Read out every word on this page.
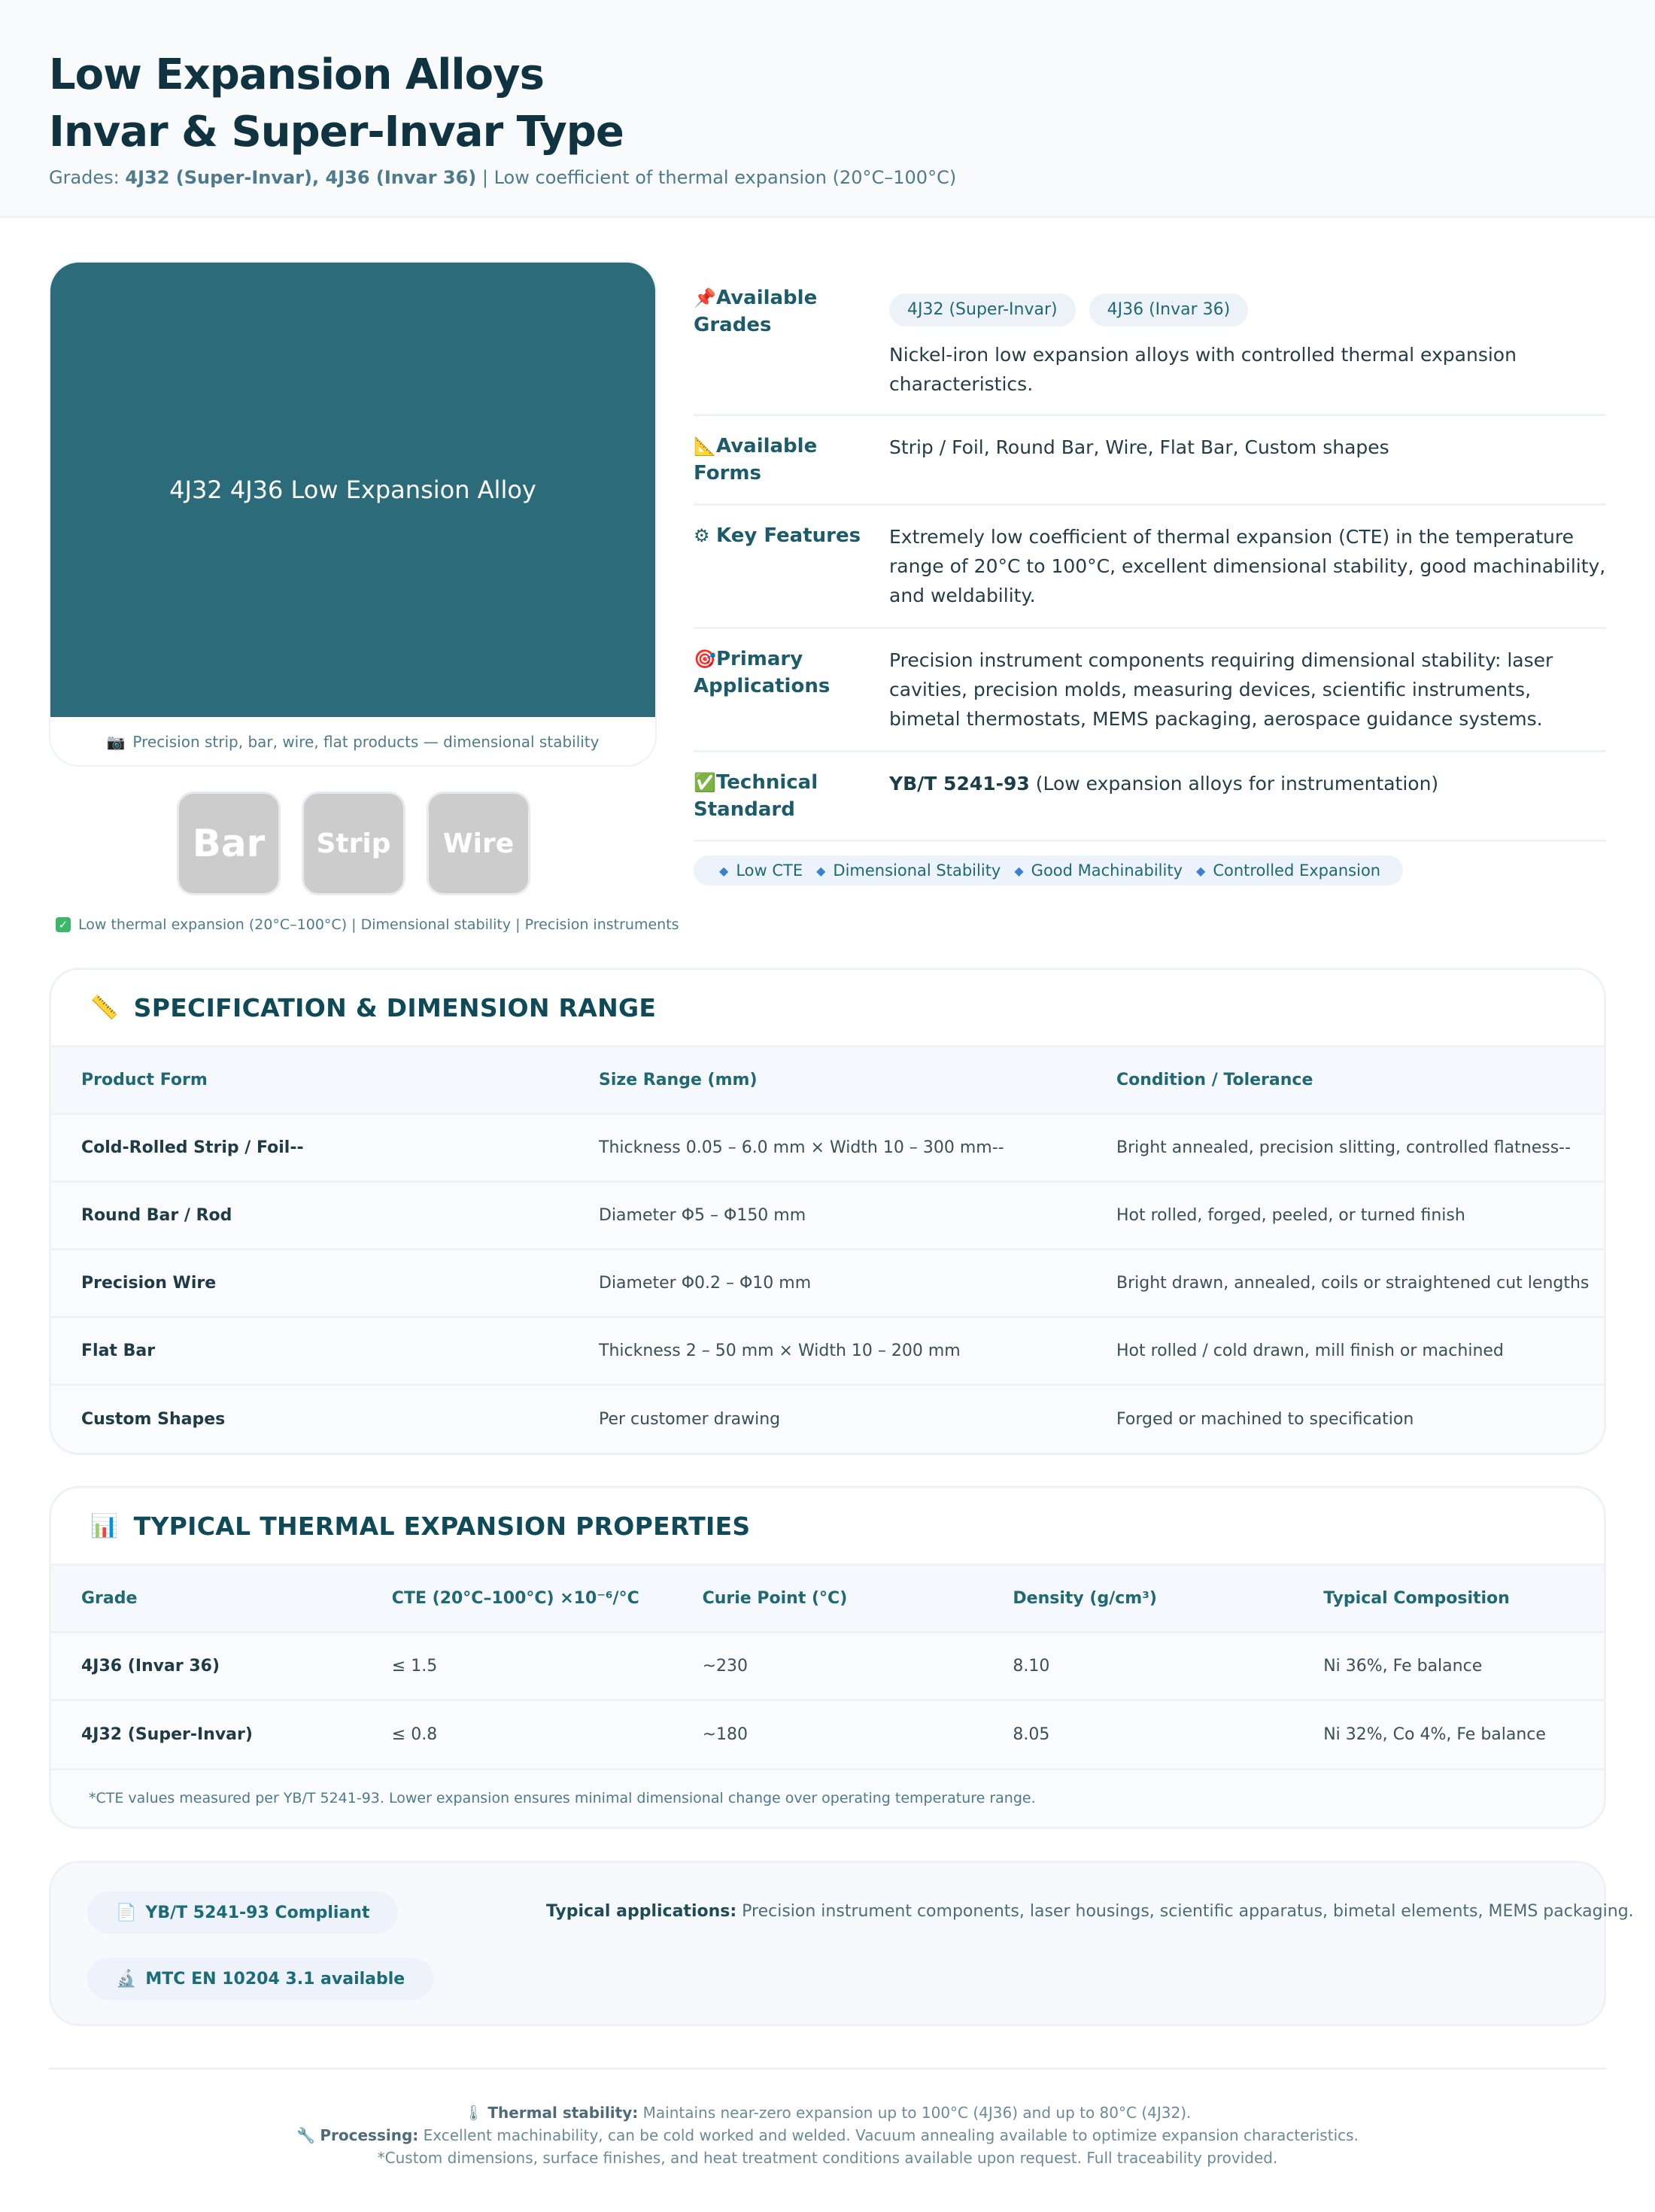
Low Expansion Alloys
Invar & Super-Invar Type

Grades: 4J32 (Super-Invar), 4J36 (Invar 36) | Low coefficient of thermal expansion (20°C–100°C)

4J32 4J36 Low Expansion Alloy
📷 Precision strip, bar, wire, flat products — dimensional stability
Bar	Strip	Wire
✓ Low thermal expansion (20°C–100°C) | Dimensional stability | Precision instruments
📌Available Grades
4J32 (Super-Invar)	4J36 (Invar 36)
Nickel-iron low expansion alloys with controlled thermal expansion characteristics.
📐Available Forms
Strip / Foil, Round Bar, Wire, Flat Bar, Custom shapes
⚙ Key Features	Extremely low coefficient of thermal expansion (CTE) in the temperature range of 20°C to 100°C, excellent dimensional stability, good machinability, and weldability.
🎯Primary Applications
Precision instrument components requiring dimensional stability: laser cavities, precision molds, measuring devices, scientific instruments, bimetal thermostats, MEMS packaging, aerospace guidance systems.
✅Technical Standard
YB/T 5241-93 (Low expansion alloys for instrumentation)
◆ Low CTE ◆ Dimensional Stability ◆ Good Machinability ◆ Controlled Expansion
📏 SPECIFICATION & DIMENSION RANGE
Product Form	Size Range (mm)	Condition / Tolerance
Cold-Rolled Strip / Foil--	Thickness 0.05 – 6.0 mm × Width 10 – 300 mm--	Bright annealed, precision slitting, controlled flatness--
Round Bar / Rod	Diameter Φ5 – Φ150 mm	Hot rolled, forged, peeled, or turned finish
Precision Wire	Diameter Φ0.2 – Φ10 mm	Bright drawn, annealed, coils or straightened cut lengths
Flat Bar	Thickness 2 – 50 mm × Width 10 – 200 mm	Hot rolled / cold drawn, mill finish or machined
Custom Shapes	Per customer drawing	Forged or machined to specification
📊 TYPICAL THERMAL EXPANSION PROPERTIES
Grade	CTE (20°C–100°C) ×10⁻⁶/°C	Curie Point (°C)	Density (g/cm³)	Typical Composition
4J36 (Invar 36)	≤ 1.5	~230	8.10	Ni 36%, Fe balance
4J32 (Super-Invar)	≤ 0.8	~180	8.05	Ni 32%, Co 4%, Fe balance
*CTE values measured per YB/T 5241-93. Lower expansion ensures minimal dimensional change over operating temperature range.
📄 YB/T 5241-93 Compliant
🔬 MTC EN 10204 3.1 available
Typical applications: Precision instrument components, laser housings, scientific apparatus, bimetal elements, MEMS packaging.
🌡 Thermal stability: Maintains near-zero expansion up to 100°C (4J36) and up to 80°C (4J32).
🔧 Processing: Excellent machinability, can be cold worked and welded. Vacuum annealing available to optimize expansion characteristics.
*Custom dimensions, surface finishes, and heat treatment conditions available upon request. Full traceability provided.
